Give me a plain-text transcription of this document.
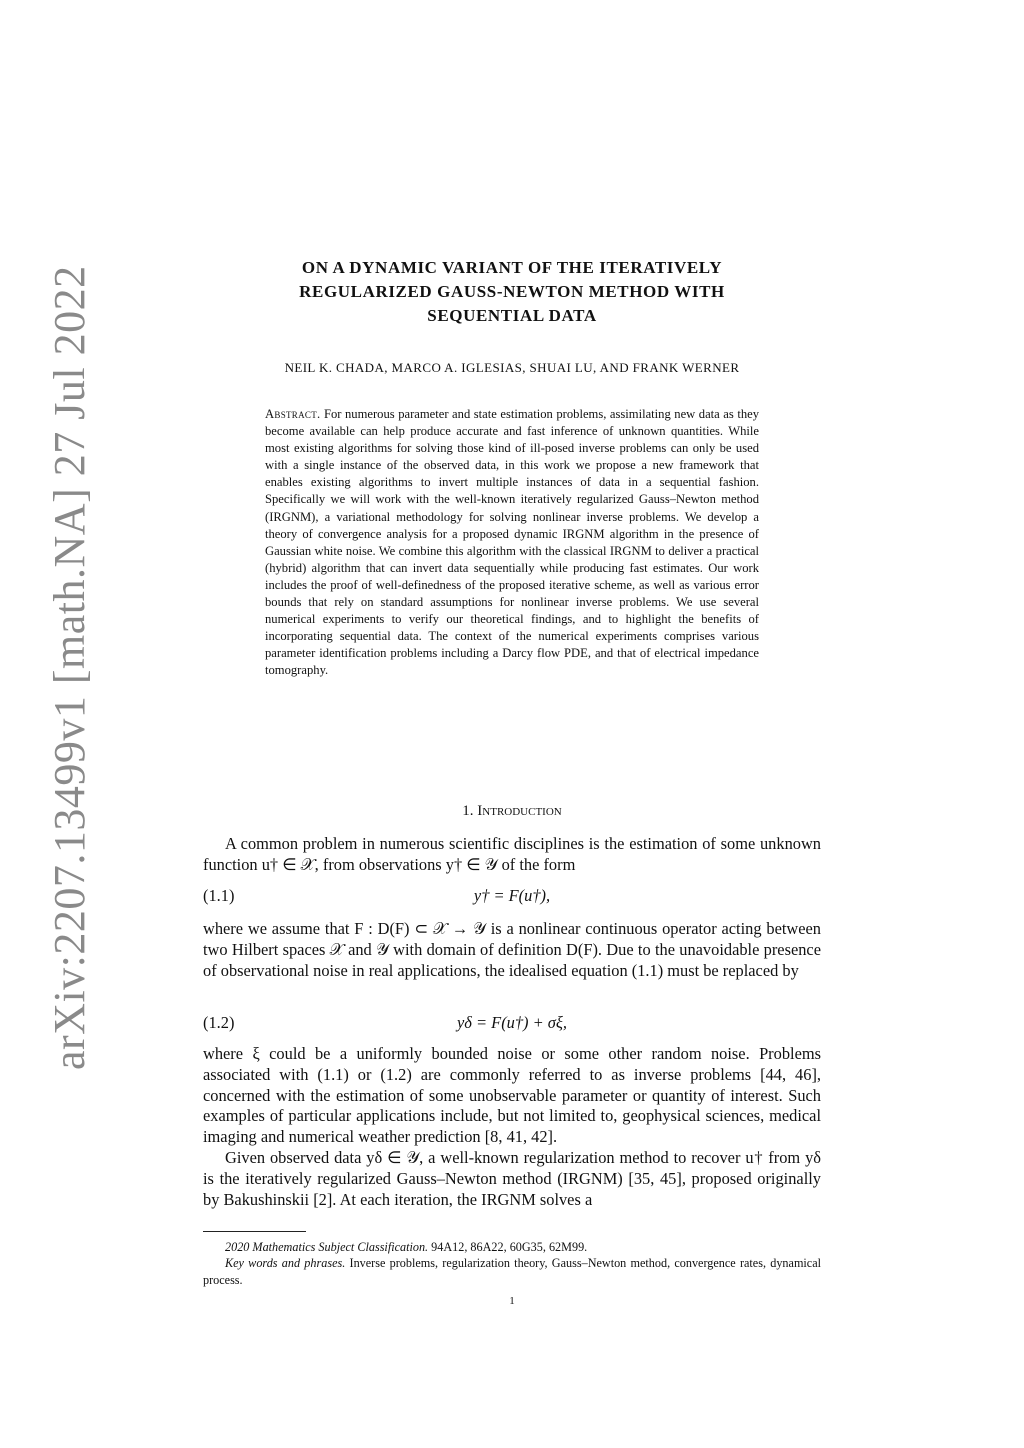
arXiv:2207.13499v1 [math.NA] 27 Jul 2022	ON A DYNAMIC VARIANT OF THE ITERATIVELY
REGULARIZED GAUSS-NEWTON METHOD WITH
SEQUENTIAL DATA
NEIL K. CHADA, MARCO A. IGLESIAS, SHUAI LU, AND FRANK WERNER
Abstract. For numerous parameter and state estimation problems, assimilating new data as they become available can help produce accurate and fast inference of unknown quantities. While most existing algorithms for solving those kind of ill-posed inverse problems can only be used with a single instance of the observed data, in this work we propose a new framework that enables existing algorithms to invert multiple instances of data in a sequential fashion. Specifically we will work with the well-known iteratively regularized Gauss–Newton method (IRGNM), a variational methodology for solving nonlinear inverse problems. We develop a theory of convergence analysis for a proposed dynamic IRGNM algorithm in the presence of Gaussian white noise. We combine this algorithm with the classical IRGNM to deliver a practical (hybrid) algorithm that can invert data sequentially while producing fast estimates. Our work includes the proof of well-definedness of the proposed iterative scheme, as well as various error bounds that rely on standard assumptions for nonlinear inverse problems. We use several numerical experiments to verify our theoretical findings, and to highlight the benefits of incorporating sequential data. The context of the numerical experiments comprises various parameter identification problems including a Darcy flow PDE, and that of electrical impedance tomography.
1. Introduction
A common problem in numerous scientific disciplines is the estimation of some unknown function u† ∈ 𝒳, from observations y† ∈ 𝒴 of the form
(1.1)	y† = F(u†),
where we assume that F : D(F) ⊂ 𝒳 → 𝒴 is a nonlinear continuous operator acting between two Hilbert spaces 𝒳 and 𝒴 with domain of definition D(F). Due to the unavoidable presence of observational noise in real applications, the idealised equation (1.1) must be replaced by
(1.2)	yδ = F(u†) + σξ,
where ξ could be a uniformly bounded noise or some other random noise. Problems associated with (1.1) or (1.2) are commonly referred to as inverse problems [44, 46], concerned with the estimation of some unobservable parameter or quantity of interest. Such examples of particular applications include, but not limited to, geophysical sciences, medical imaging and numerical weather prediction [8, 41, 42].
Given observed data yδ ∈ 𝒴, a well-known regularization method to recover u† from yδ is the iteratively regularized Gauss–Newton method (IRGNM) [35, 45], proposed originally by Bakushinskii [2]. At each iteration, the IRGNM solves a
2020 Mathematics Subject Classification. 94A12, 86A22, 60G35, 62M99.
Key words and phrases. Inverse problems, regularization theory, Gauss–Newton method, convergence rates, dynamical process.
1
